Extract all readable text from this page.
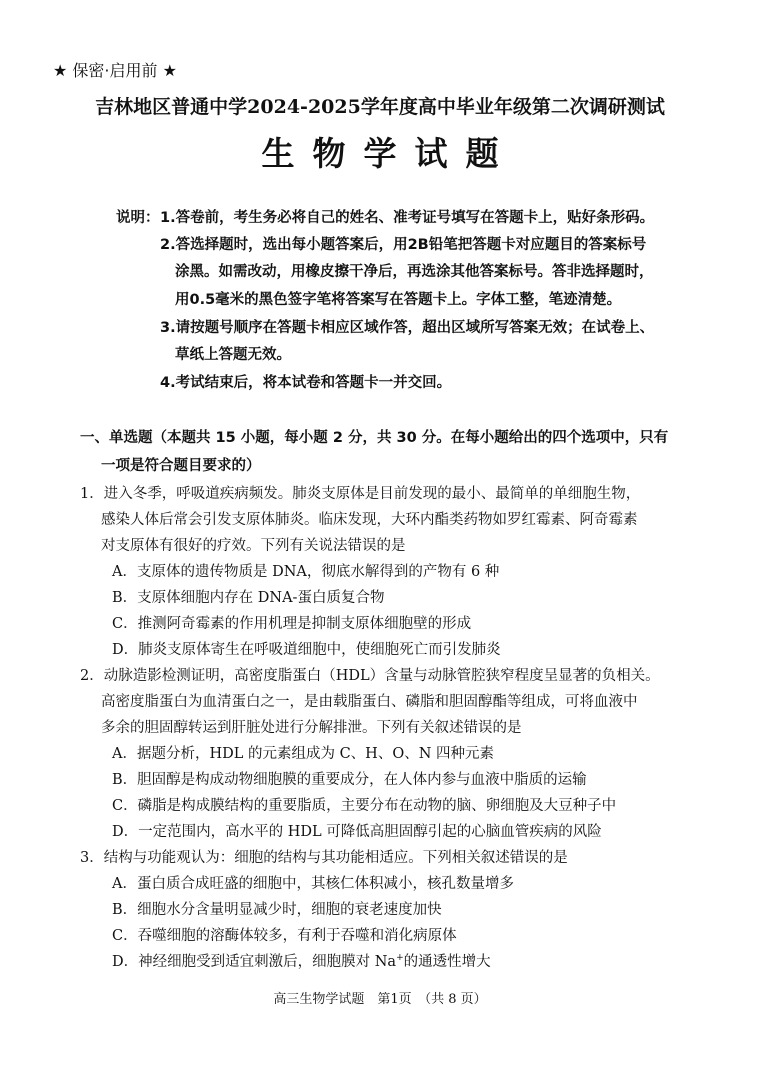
★ 保密·启用前 ★
吉林地区普通中学2024-2025学年度高中毕业年级第二次调研测试
生物学试题
说明： 1.答卷前，考生务必将自己的姓名、准考证号填写在答题卡上，贴好条形码。
2.答选择题时，选出每小题答案后，用2B铅笔把答题卡对应题目的答案标号
涂黑。如需改动，用橡皮擦干净后，再选涂其他答案标号。答非选择题时，
用0.5毫米的黑色签字笔将答案写在答题卡上。字体工整，笔迹清楚。
3.请按题号顺序在答题卡相应区域作答，超出区域所写答案无效；在试卷上、
草纸上答题无效。
4.考试结束后，将本试卷和答题卡一并交回。
一、单选题（本题共 15 小题，每小题 2 分，共 30 分。在每小题给出的四个选项中，只有
一项是符合题目要求的）
1．进入冬季，呼吸道疾病频发。肺炎支原体是目前发现的最小、最简单的单细胞生物，
感染人体后常会引发支原体肺炎。临床发现，大环内酯类药物如罗红霉素、阿奇霉素
对支原体有很好的疗效。下列有关说法错误的是
A．支原体的遗传物质是 DNA，彻底水解得到的产物有 6 种
B．支原体细胞内存在 DNA-蛋白质复合物
C．推测阿奇霉素的作用机理是抑制支原体细胞壁的形成
D．肺炎支原体寄生在呼吸道细胞中，使细胞死亡而引发肺炎
2．动脉造影检测证明，高密度脂蛋白（HDL）含量与动脉管腔狭窄程度呈显著的负相关。
高密度脂蛋白为血清蛋白之一，是由载脂蛋白、磷脂和胆固醇酯等组成，可将血液中
多余的胆固醇转运到肝脏处进行分解排泄。下列有关叙述错误的是
A．据题分析，HDL 的元素组成为 C、H、O、N 四种元素
B．胆固醇是构成动物细胞膜的重要成分，在人体内参与血液中脂质的运输
C．磷脂是构成膜结构的重要脂质，主要分布在动物的脑、卵细胞及大豆种子中
D．一定范围内，高水平的 HDL 可降低高胆固醇引起的心脑血管疾病的风险
3．结构与功能观认为：细胞的结构与其功能相适应。下列相关叙述错误的是
A．蛋白质合成旺盛的细胞中，其核仁体积减小，核孔数量增多
B．细胞水分含量明显减少时，细胞的衰老速度加快
C．吞噬细胞的溶酶体较多，有利于吞噬和消化病原体
D．神经细胞受到适宜刺激后，细胞膜对 Na+的通透性增大
高三生物学试题　第1页　（共 8 页）
